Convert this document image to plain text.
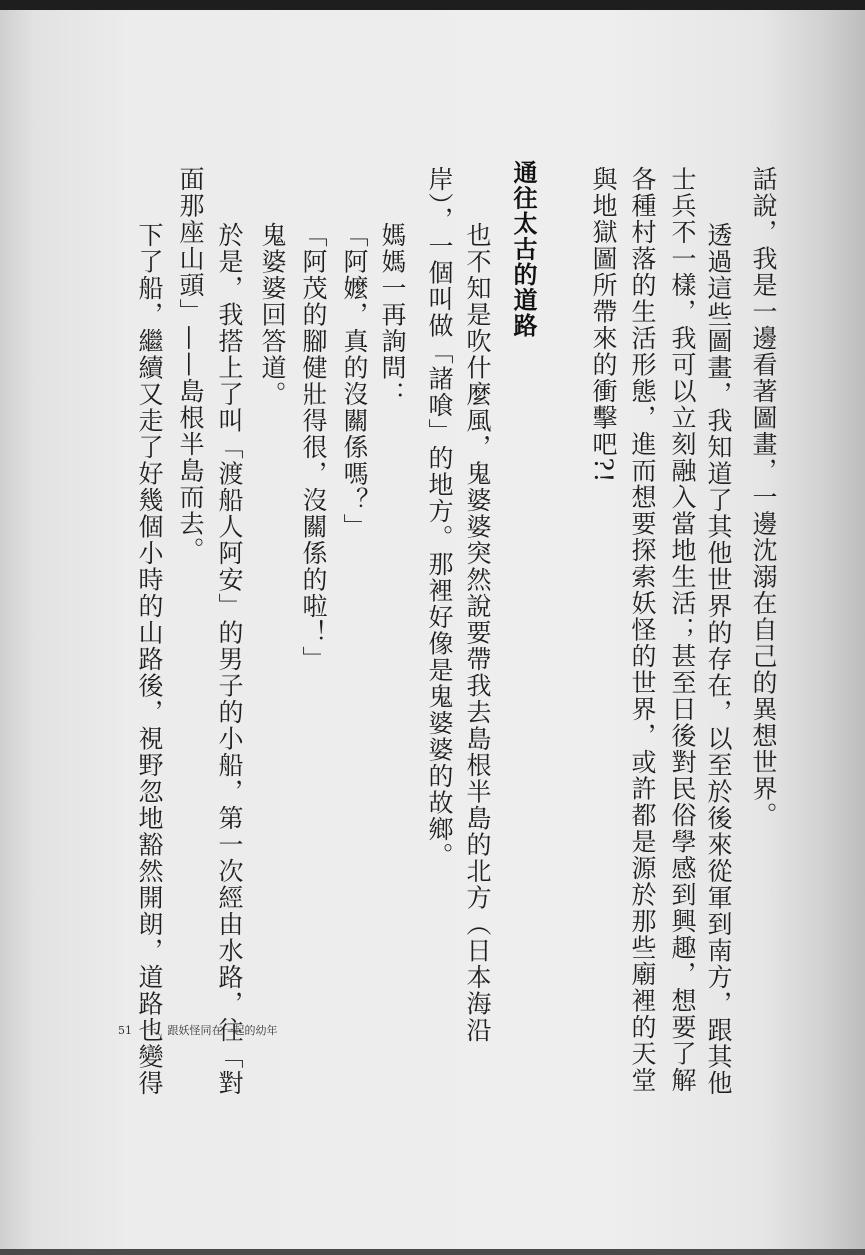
話說，我是一邊看著圖畫，一邊沈溺在自己的異想世界。
透過這些圖畫，我知道了其他世界的存在，以至於後來從軍到南方，跟其他
士兵不一樣，我可以立刻融入當地生活；甚至日後對民俗學感到興趣，想要了解
各種村落的生活形態，進而想要探索妖怪的世界，或許都是源於那些廟裡的天堂
與地獄圖所帶來的衝擊吧?!
通往太古的道路
也不知是吹什麼風，鬼婆婆突然說要帶我去島根半島的北方（日本海沿
岸），一個叫做「諸喰」的地方。那裡好像是鬼婆婆的故鄉。
媽媽一再詢問：
「阿嬤，真的沒關係嗎？」
「阿茂的腳健壯得很，沒關係的啦！」
鬼婆婆回答道。
於是，我搭上了叫「渡船人阿安」的男子的小船，第一次經由水路，往「對
面那座山頭」——島根半島而去。
下了船，繼續又走了好幾個小時的山路後，視野忽地豁然開朗，道路也變得
51 一、跟妖怪同在一起的幼年
